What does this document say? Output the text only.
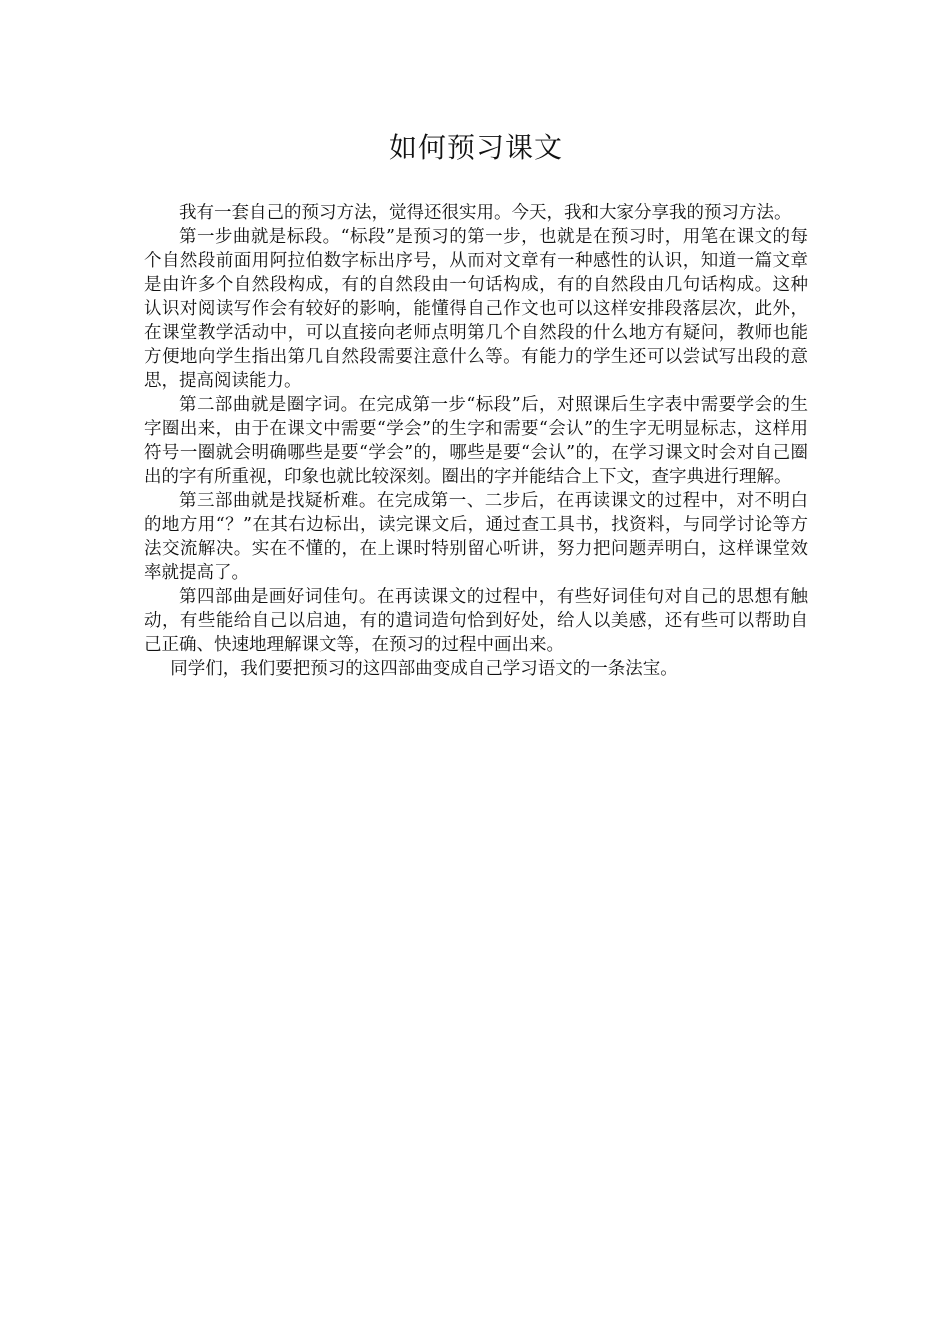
如何预习课文

我有一套自己的预习方法，觉得还很实用。今天，我和大家分享我的预习方法。

第一步曲就是标段。“标段”是预习的第一步，也就是在预习时，用笔在课文的每个自然段前面用阿拉伯数字标出序号，从而对文章有一种感性的认识，知道一篇文章是由许多个自然段构成，有的自然段由一句话构成，有的自然段由几句话构成。这种认识对阅读写作会有较好的影响，能懂得自己作文也可以这样安排段落层次，此外，在课堂教学活动中，可以直接向老师点明第几个自然段的什么地方有疑问，教师也能方便地向学生指出第几自然段需要注意什么等。有能力的学生还可以尝试写出段的意思，提高阅读能力。

第二部曲就是圈字词。在完成第一步“标段”后，对照课后生字表中需要学会的生字圈出来，由于在课文中需要“学会”的生字和需要“会认”的生字无明显标志，这样用符号一圈就会明确哪些是要“学会”的，哪些是要“会认”的，在学习课文时会对自己圈出的字有所重视，印象也就比较深刻。圈出的字并能结合上下文，查字典进行理解。

第三部曲就是找疑析难。在完成第一、二步后，在再读课文的过程中，对不明白的地方用“？”在其右边标出，读完课文后，通过查工具书，找资料，与同学讨论等方法交流解决。实在不懂的，在上课时特别留心听讲，努力把问题弄明白，这样课堂效率就提高了。

第四部曲是画好词佳句。在再读课文的过程中，有些好词佳句对自己的思想有触动，有些能给自己以启迪，有的遣词造句恰到好处，给人以美感，还有些可以帮助自己正确、快速地理解课文等，在预习的过程中画出来。

同学们，我们要把预习的这四部曲变成自己学习语文的一条法宝。
